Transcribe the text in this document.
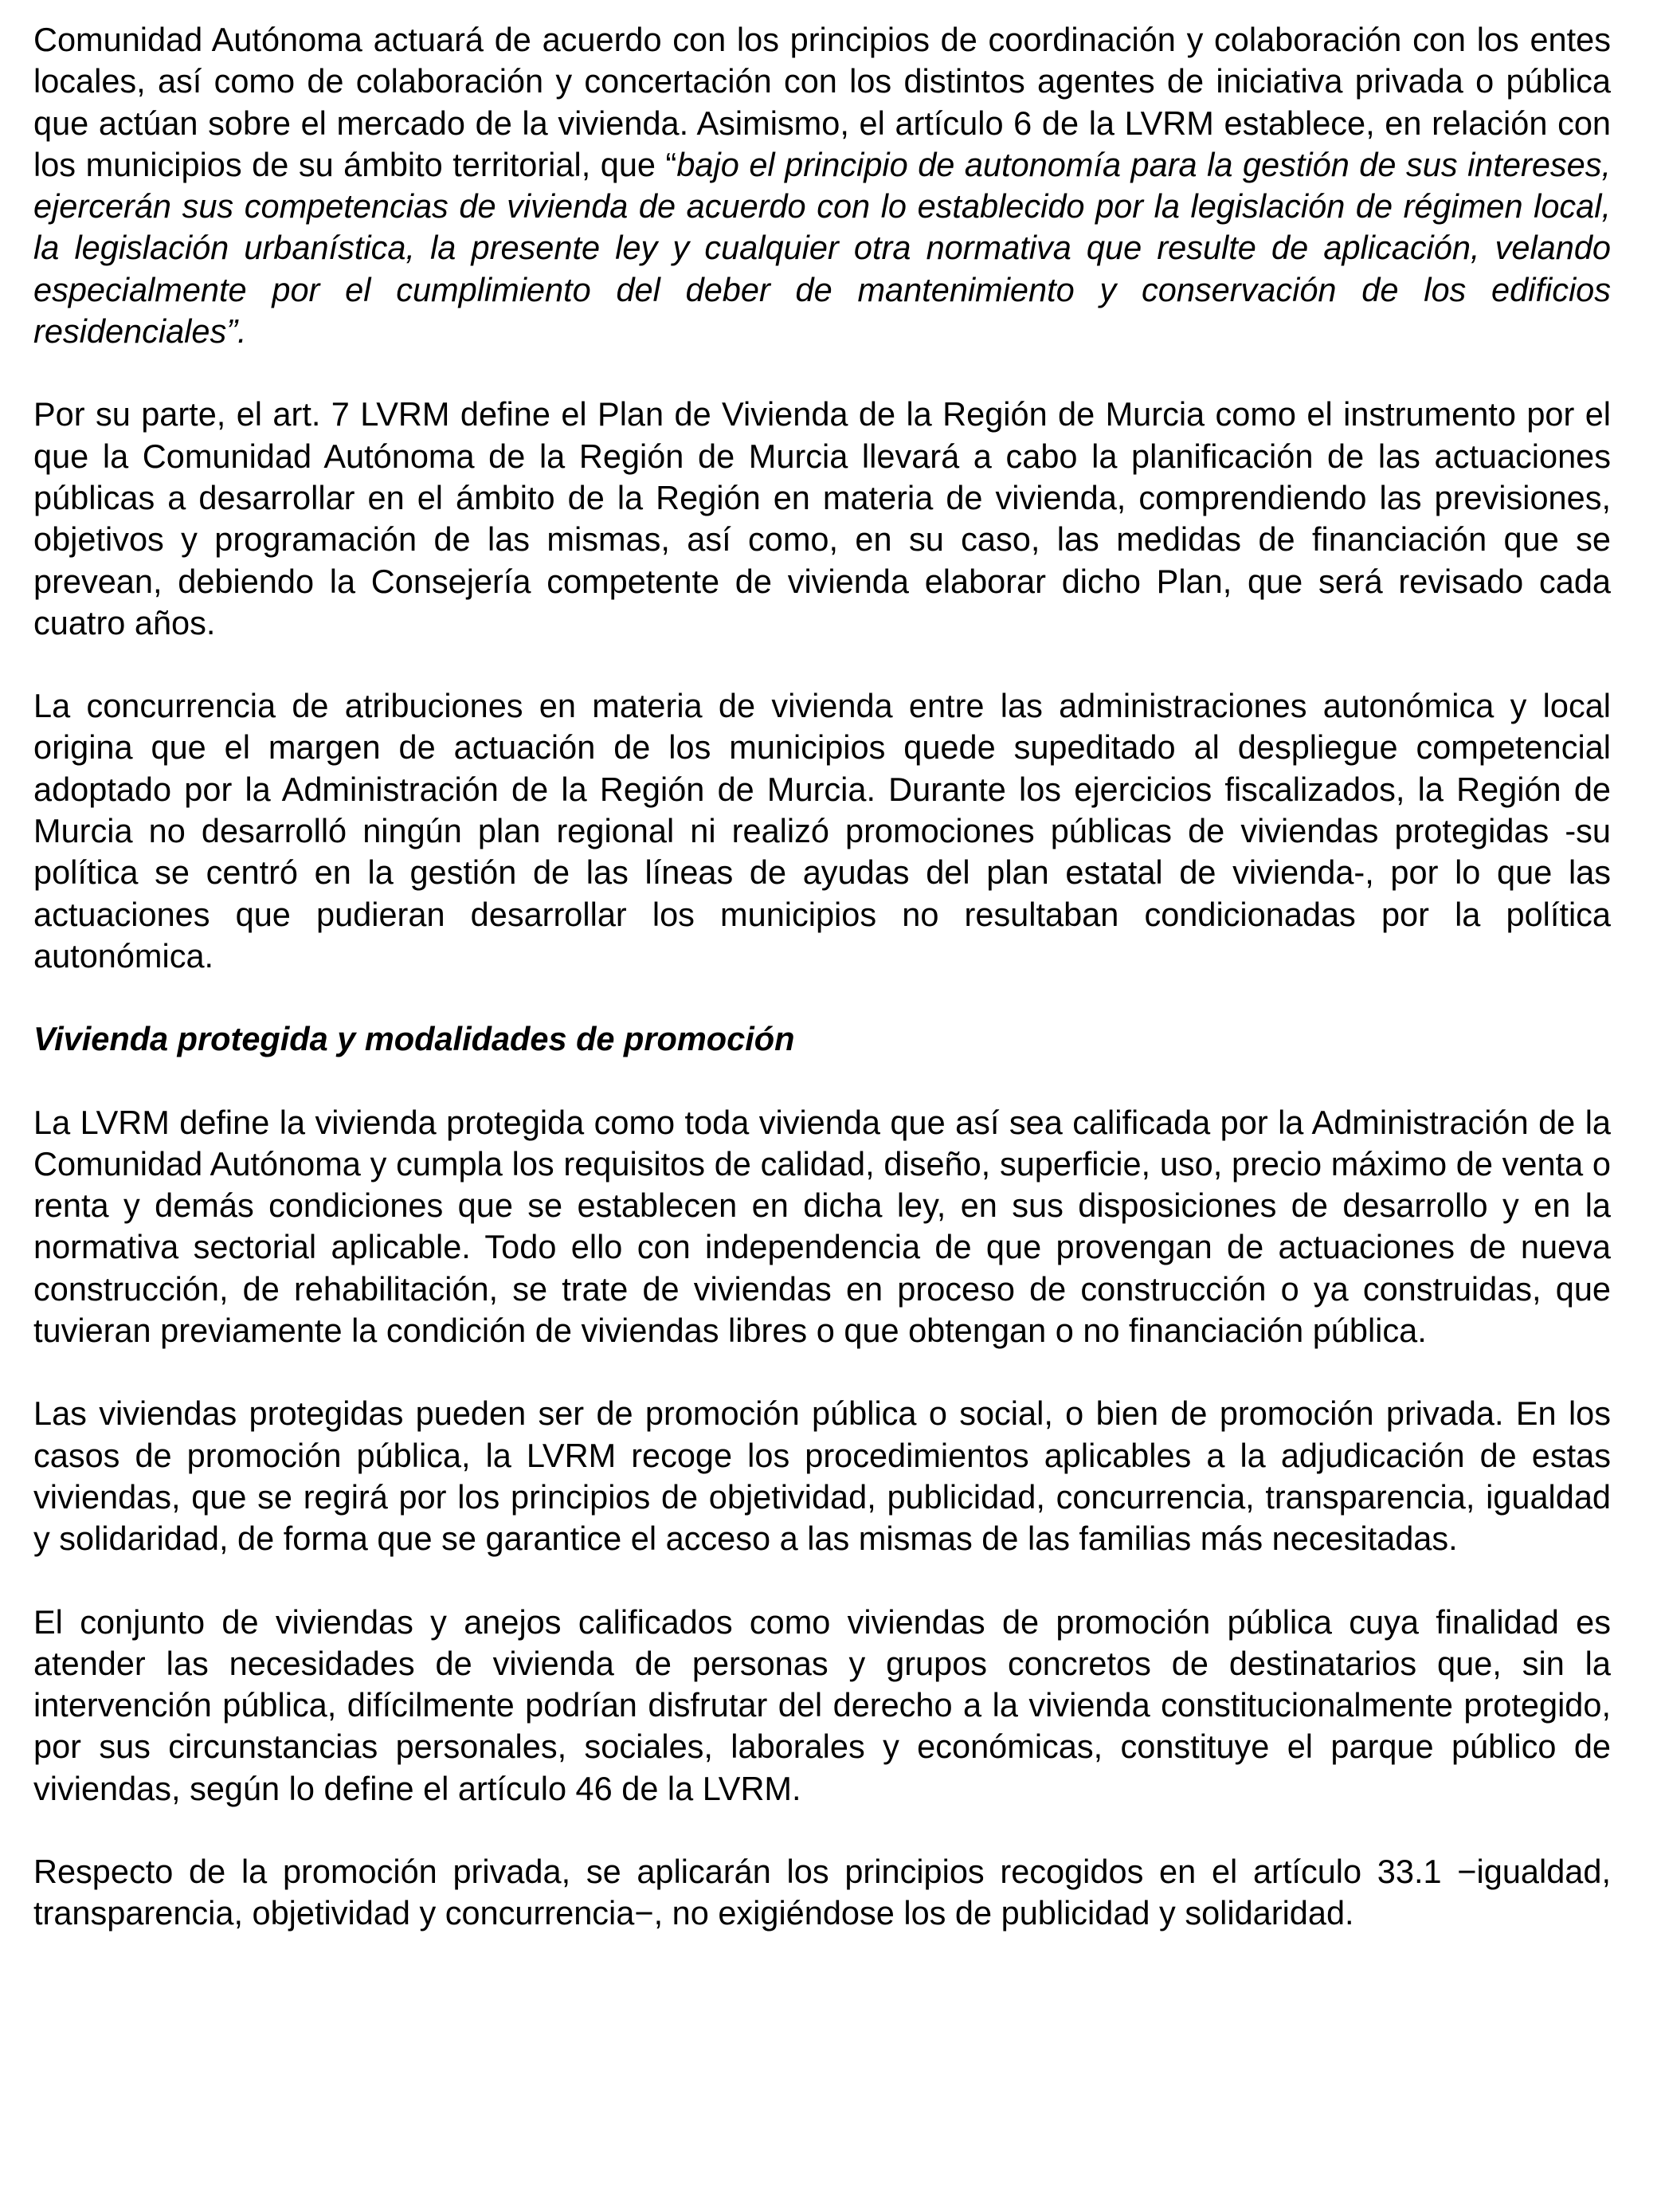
Comunidad Autónoma actuará de acuerdo con los principios de coordinación y colaboración con los entes locales, así como de colaboración y concertación con los distintos agentes de iniciativa privada o pública que actúan sobre el mercado de la vivienda. Asimismo, el artículo 6 de la LVRM establece, en relación con los municipios de su ámbito territorial, que “bajo el principio de autonomía para la gestión de sus intereses, ejercerán sus competencias de vivienda de acuerdo con lo establecido por la legislación de régimen local, la legislación urbanística, la presente ley y cualquier otra normativa que resulte de aplicación, velando especialmente por el cumplimiento del deber de mantenimiento y conservación de los edificios residenciales”.

Por su parte, el art. 7 LVRM define el Plan de Vivienda de la Región de Murcia como el instrumento por el que la Comunidad Autónoma de la Región de Murcia llevará a cabo la planificación de las actuaciones públicas a desarrollar en el ámbito de la Región en materia de vivienda, comprendiendo las previsiones, objetivos y programación de las mismas, así como, en su caso, las medidas de financiación que se prevean, debiendo la Consejería competente de vivienda elaborar dicho Plan, que será revisado cada cuatro años.

La concurrencia de atribuciones en materia de vivienda entre las administraciones autonómica y local origina que el margen de actuación de los municipios quede supeditado al despliegue competencial adoptado por la Administración de la Región de Murcia. Durante los ejercicios fiscalizados, la Región de Murcia no desarrolló ningún plan regional ni realizó promociones públicas de viviendas protegidas -su política se centró en la gestión de las líneas de ayudas del plan estatal de vivienda-, por lo que las actuaciones que pudieran desarrollar los municipios no resultaban condicionadas por la política autonómica.

Vivienda protegida y modalidades de promoción

La LVRM define la vivienda protegida como toda vivienda que así sea calificada por la Administración de la Comunidad Autónoma y cumpla los requisitos de calidad, diseño, superficie, uso, precio máximo de venta o renta y demás condiciones que se establecen en dicha ley, en sus disposiciones de desarrollo y en la normativa sectorial aplicable. Todo ello con independencia de que provengan de actuaciones de nueva construcción, de rehabilitación, se trate de viviendas en proceso de construcción o ya construidas, que tuvieran previamente la condición de viviendas libres o que obtengan o no financiación pública.

Las viviendas protegidas pueden ser de promoción pública o social, o bien de promoción privada. En los casos de promoción pública, la LVRM recoge los procedimientos aplicables a la adjudicación de estas viviendas, que se regirá por los principios de objetividad, publicidad, concurrencia, transparencia, igualdad y solidaridad, de forma que se garantice el acceso a las mismas de las familias más necesitadas.

El conjunto de viviendas y anejos calificados como viviendas de promoción pública cuya finalidad es atender las necesidades de vivienda de personas y grupos concretos de destinatarios que, sin la intervención pública, difícilmente podrían disfrutar del derecho a la vivienda constitucionalmente protegido, por sus circunstancias personales, sociales, laborales y económicas, constituye el parque público de viviendas, según lo define el artículo 46 de la LVRM.

Respecto de la promoción privada, se aplicarán los principios recogidos en el artículo 33.1 −igualdad, transparencia, objetividad y concurrencia−, no exigiéndose los de publicidad y solidaridad.
